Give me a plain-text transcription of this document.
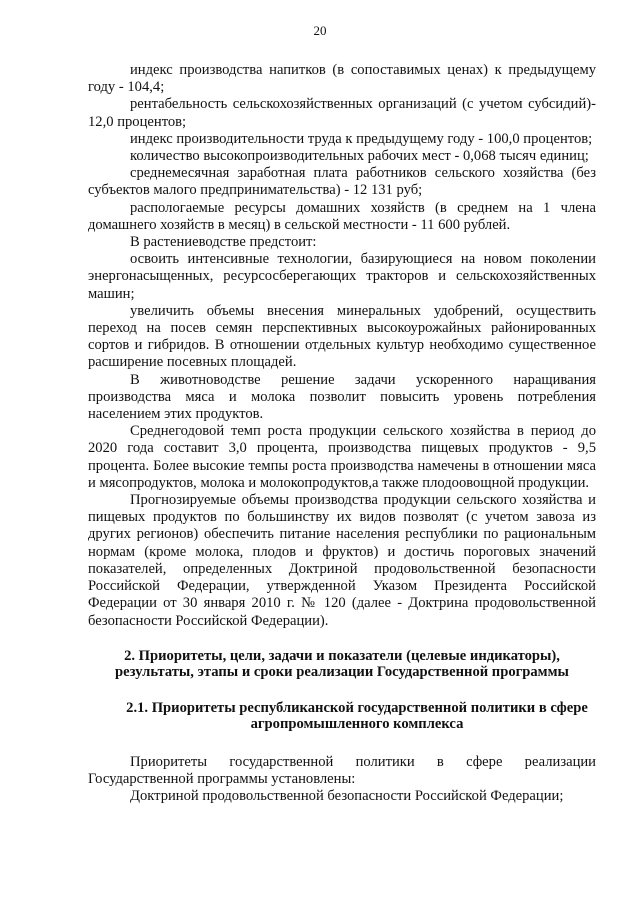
20

индекс производства напитков (в сопоставимых ценах) к предыдущему году - 104,4;

рентабельность сельскохозяйственных организаций (с учетом субсидий)- 12,0 процентов;

индекс производительности труда к предыдущему году - 100,0 процентов;

количество высокопроизводительных рабочих мест - 0,068 тысяч единиц;

среднемесячная заработная плата работников сельского хозяйства (без субъектов малого предпринимательства) - 12 131 руб;

распологаемые ресурсы домашних хозяйств (в среднем на 1 члена домашнего хозяйств в месяц) в сельской местности - 11 600 рублей.

В растениеводстве предстоит:

освоить интенсивные технологии, базирующиеся на новом поколении энергонасыщенных, ресурсосберегающих тракторов и сельскохозяйственных машин;

увеличить объемы внесения минеральных удобрений, осуществить переход на посев семян перспективных высокоурожайных районированных сортов и гибридов. В отношении отдельных культур необходимо существенное расширение посевных площадей.

В животноводстве решение задачи ускоренного наращивания производства мяса и молока позволит повысить уровень потребления населением этих продуктов.

Среднегодовой темп роста продукции сельского хозяйства в период до 2020 года составит 3,0 процента, производства пищевых продуктов - 9,5 процента. Более высокие темпы роста производства намечены в отношении мяса и мясопродуктов, молока и молокопродуктов,а также плодоовощной продукции.

Прогнозируемые объемы производства продукции сельского хозяйства и пищевых продуктов по большинству их видов позволят (с учетом завоза из других регионов) обеспечить питание населения республики по рациональным нормам (кроме молока, плодов и фруктов) и достичь пороговых значений показателей, определенных Доктриной продовольственной безопасности Российской Федерации, утвержденной Указом Президента Российской Федерации от 30 января 2010 г. № 120 (далее - Доктрина продовольственной безопасности Российской Федерации).

2. Приоритеты, цели, задачи и показатели (целевые индикаторы), результаты, этапы и сроки реализации Государственной программы

2.1. Приоритеты республиканской государственной политики в сфере агропромышленного комплекса

Приоритеты государственной политики в сфере реализации Государственной программы установлены:

Доктриной продовольственной безопасности Российской Федерации;
